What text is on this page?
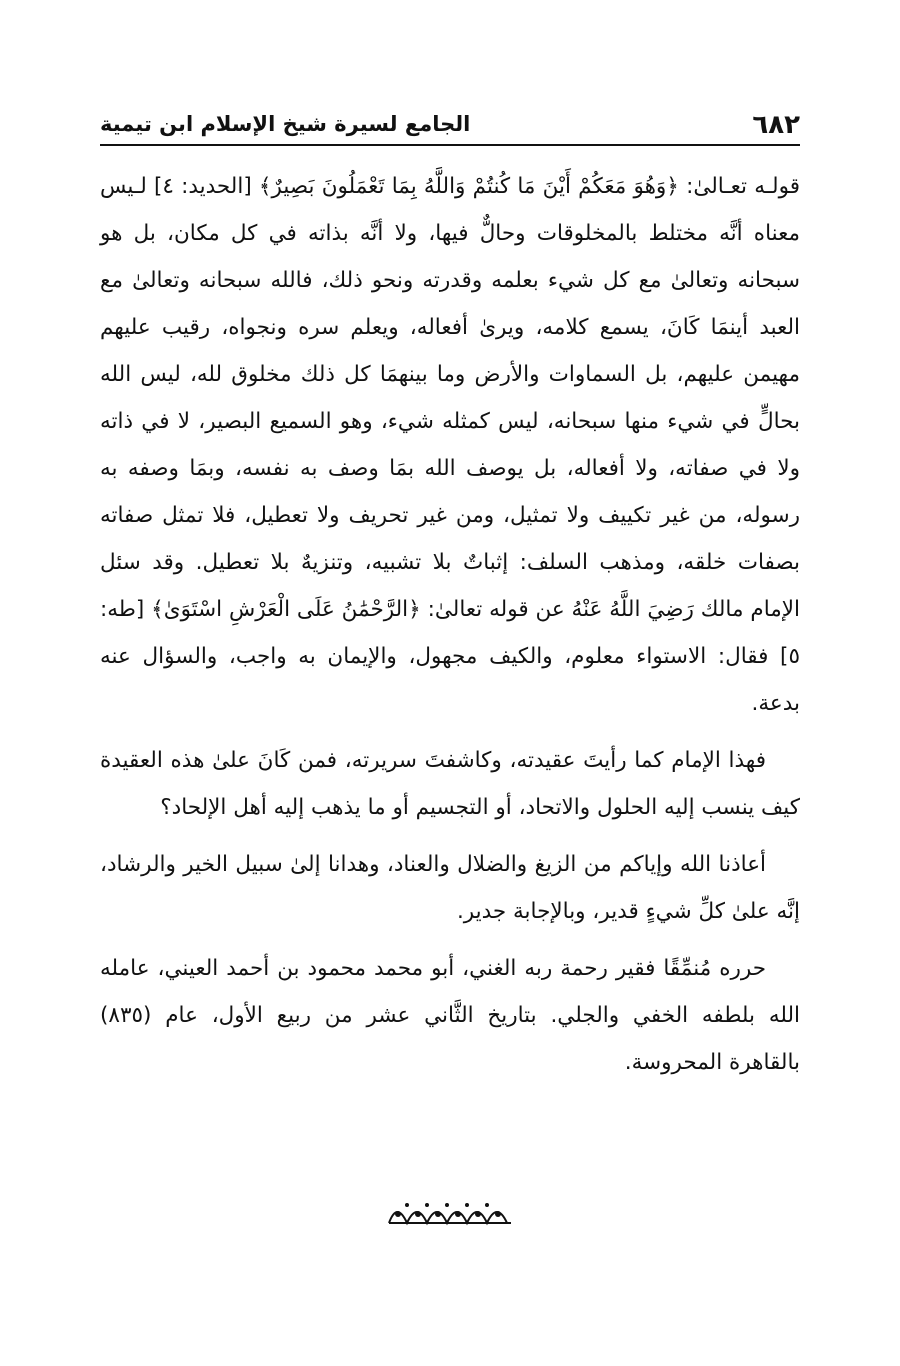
٦٨٢
الجامع لسيرة شيخ الإسلام ابن تيمية

قولـه تعـالىٰ: ﴿وَهُوَ مَعَكُمْ أَيْنَ مَا كُنتُمْ وَاللَّهُ بِمَا تَعْمَلُونَ بَصِيرٌ﴾ [الحديد: ٤] لـيس معناه أنَّه مختلط بالمخلوقات وحالٌّ فيها، ولا أنَّه بذاته في كل مكان، بل هو سبحانه وتعالىٰ مع كل شيء بعلمه وقدرته ونحو ذلك، فالله سبحانه وتعالىٰ مع العبد أينمَا كَانَ، يسمع كلامه، ويرىٰ أفعاله، ويعلم سره ونجواه، رقيب عليهم مهيمن عليهم، بل السماوات والأرض وما بينهمَا كل ذلك مخلوق لله، ليس الله بحالٍّ في شيء منها سبحانه، ليس كمثله شيء، وهو السميع البصير، لا في ذاته ولا في صفاته، ولا أفعاله، بل يوصف الله بمَا وصف به نفسه، وبمَا وصفه به رسوله، من غير تكييف ولا تمثيل، ومن غير تحريف ولا تعطيل، فلا تمثل صفاته بصفات خلقه، ومذهب السلف: إثباتٌ بلا تشبيه، وتنزيهٌ بلا تعطيل. وقد سئل الإمام مالك رَضِيَ اللَّهُ عَنْهُ عن قوله تعالىٰ: ﴿الرَّحْمَٰنُ عَلَى الْعَرْشِ اسْتَوَىٰ﴾ [طه: ٥] فقال: الاستواء معلوم، والكيف مجهول، والإيمان به واجب، والسؤال عنه بدعة.

فهذا الإمام كما رأيتَ عقيدته، وكاشفتَ سريرته، فمن كَانَ علىٰ هذه العقيدة كيف ينسب إليه الحلول والاتحاد، أو التجسيم أو ما يذهب إليه أهل الإلحاد؟

أعاذنا الله وإياكم من الزيغ والضلال والعناد، وهدانا إلىٰ سبيل الخير والرشاد، إنَّه علىٰ كلِّ شيءٍ قدير، وبالإجابة جدير.

حرره مُنمِّقًا فقير رحمة ربه الغني، أبو محمد محمود بن أحمد العيني، عامله الله بلطفه الخفي والجلي. بتاريخ الثَّاني عشر من ربيع الأول، عام (٨٣٥) بالقاهرة المحروسة.
